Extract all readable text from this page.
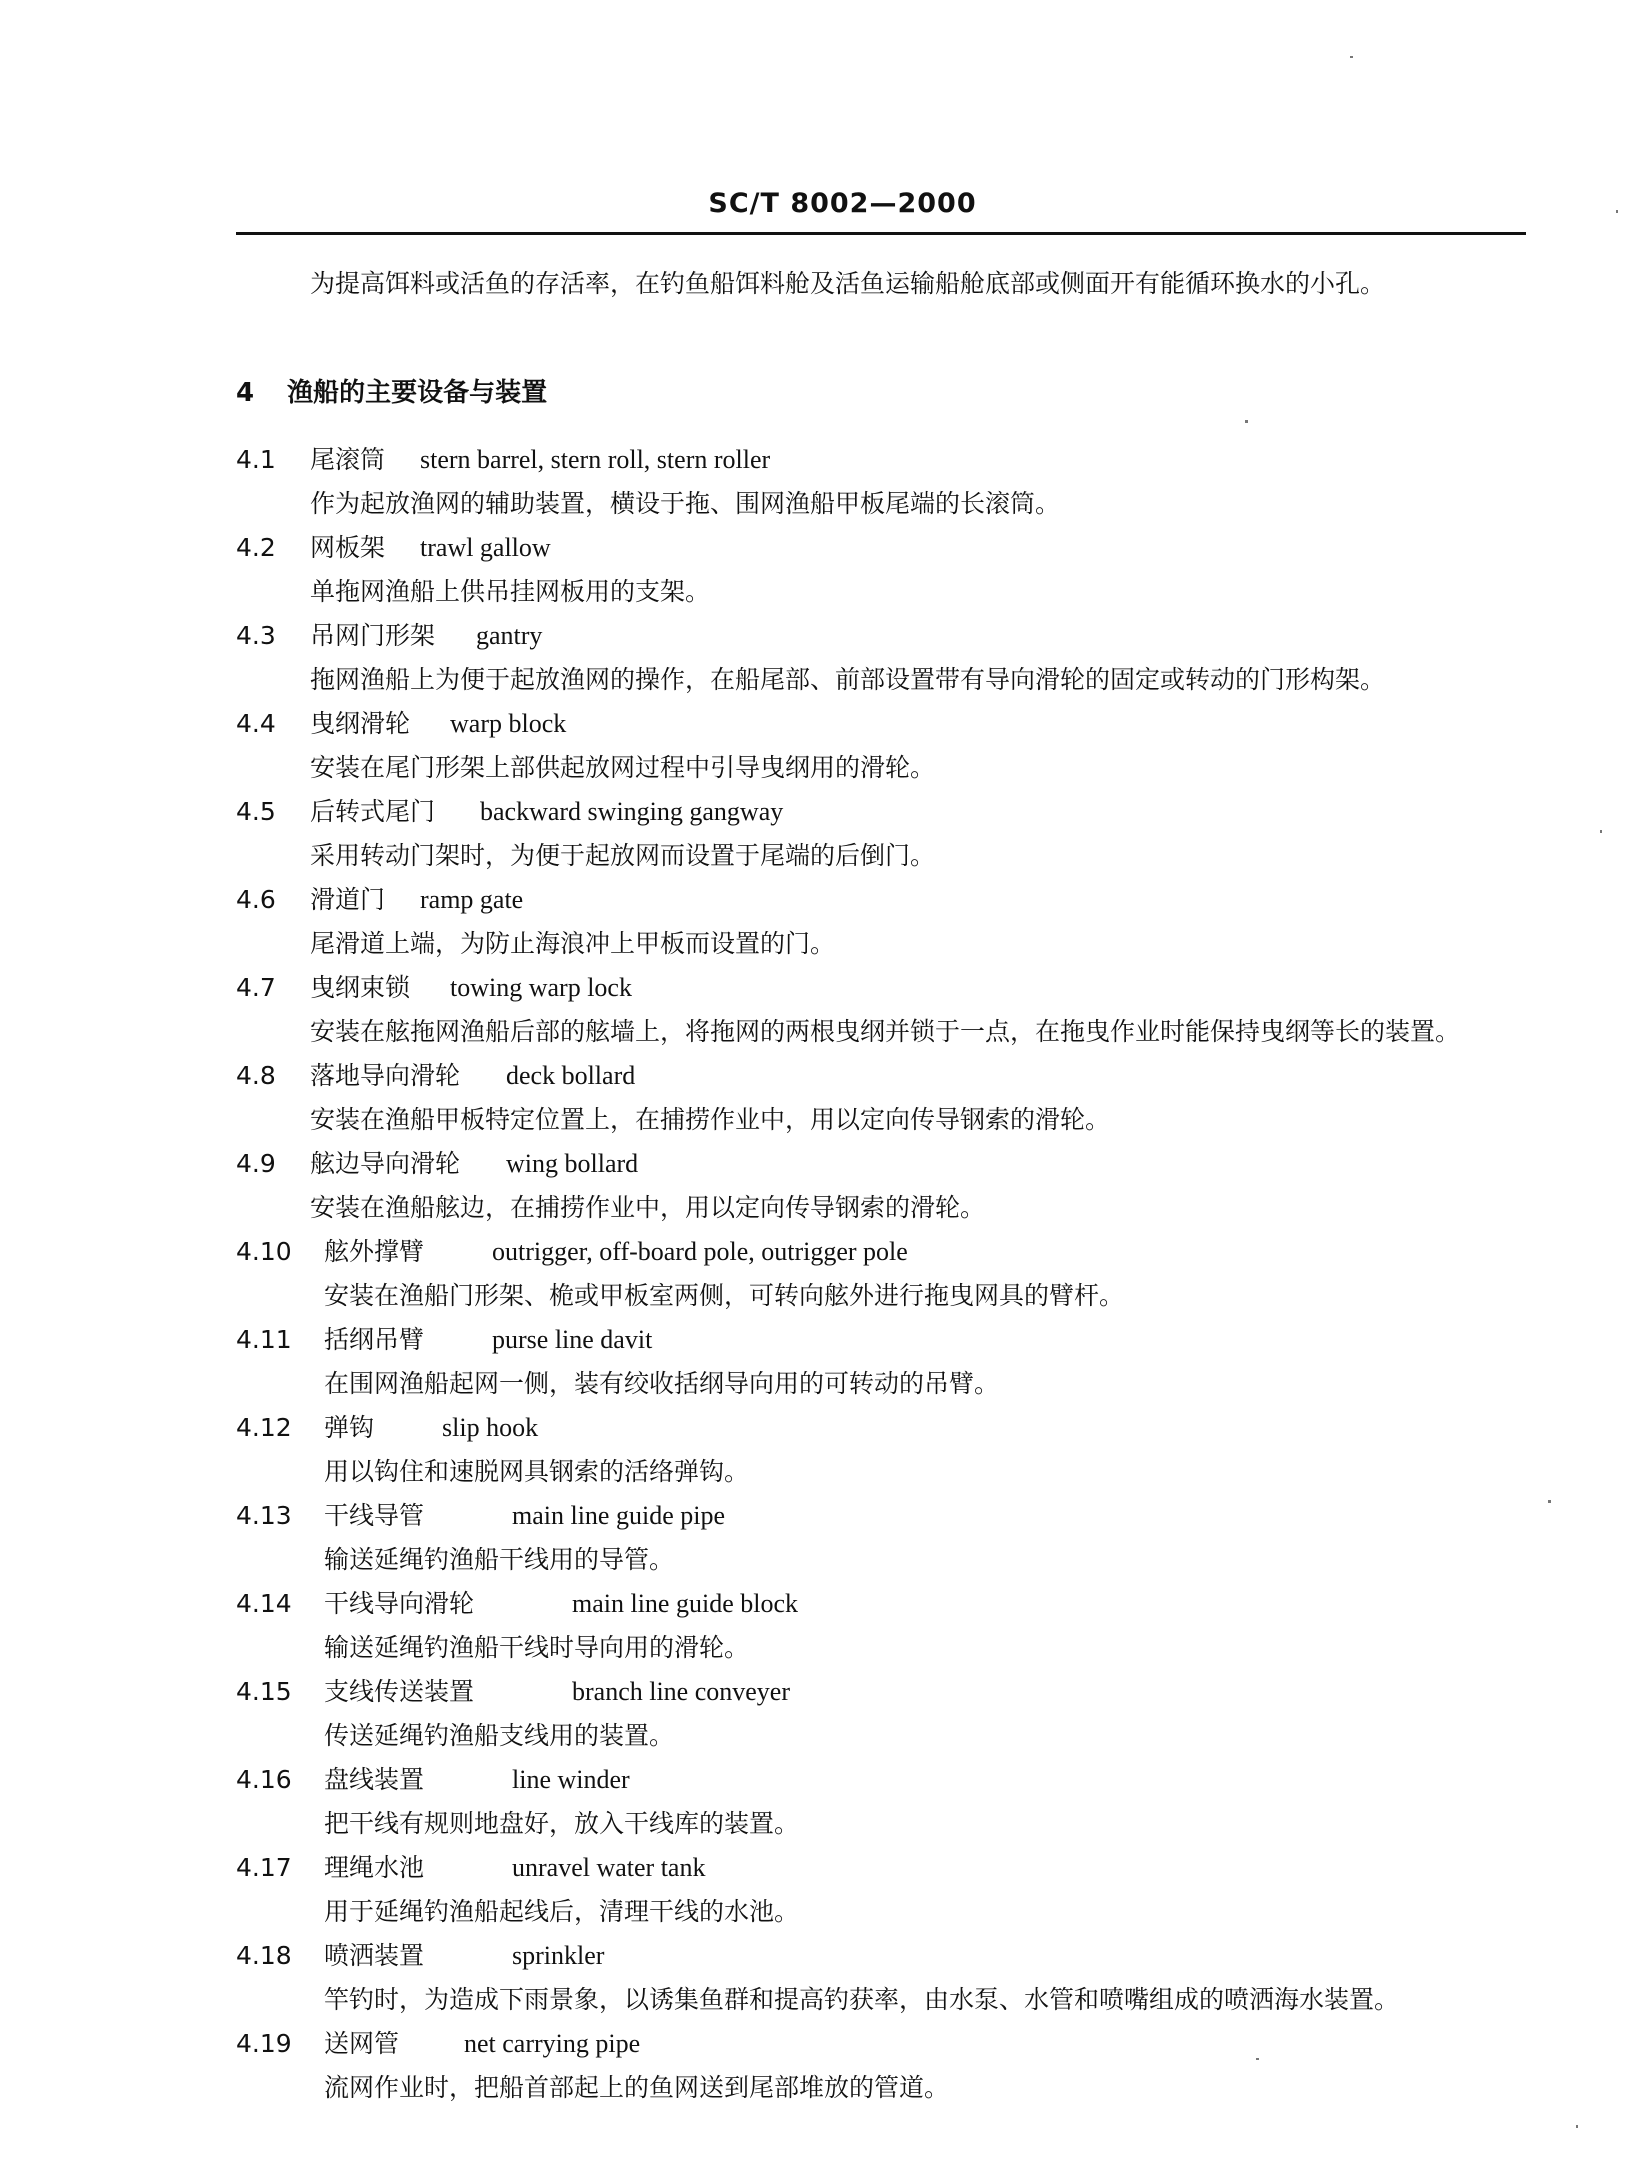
SC/T 8002—2000
为提高饵料或活鱼的存活率，在钓鱼船饵料舱及活鱼运输船舱底部或侧面开有能循环换水的小孔。
4 渔船的主要设备与装置
4.1 尾滚筒 stern barrel, stern roll, stern roller
作为起放渔网的辅助装置，横设于拖、围网渔船甲板尾端的长滚筒。
4.2 网板架 trawl gallow
单拖网渔船上供吊挂网板用的支架。
4.3 吊网门形架 gantry
拖网渔船上为便于起放渔网的操作，在船尾部、前部设置带有导向滑轮的固定或转动的门形构架。
4.4 曳纲滑轮 warp block
安装在尾门形架上部供起放网过程中引导曳纲用的滑轮。
4.5 后转式尾门 backward swinging gangway
采用转动门架时，为便于起放网而设置于尾端的后倒门。
4.6 滑道门 ramp gate
尾滑道上端，为防止海浪冲上甲板而设置的门。
4.7 曳纲束锁 towing warp lock
安装在舷拖网渔船后部的舷墙上，将拖网的两根曳纲并锁于一点，在拖曳作业时能保持曳纲等长的装置。
4.8 落地导向滑轮 deck bollard
安装在渔船甲板特定位置上，在捕捞作业中，用以定向传导钢索的滑轮。
4.9 舷边导向滑轮 wing bollard
安装在渔船舷边，在捕捞作业中，用以定向传导钢索的滑轮。
4.10 舷外撑臂	outrigger, off-board pole, outrigger pole
安装在渔船门形架、桅或甲板室两侧，可转向舷外进行拖曳网具的臂杆。
4.11 括纲吊臂	purse line davit
在围网渔船起网一侧，装有绞收括纲导向用的可转动的吊臂。
4.12 弹钩	slip hook
用以钩住和速脱网具钢索的活络弹钩。
4.13 干线导管	main line guide pipe
输送延绳钓渔船干线用的导管。
4.14 干线导向滑轮	main line guide block
输送延绳钓渔船干线时导向用的滑轮。
4.15 支线传送装置	branch line conveyer
传送延绳钓渔船支线用的装置。
4.16 盘线装置	line winder
把干线有规则地盘好，放入干线库的装置。
4.17 理绳水池	unravel water tank
用于延绳钓渔船起线后，清理干线的水池。
4.18 喷洒装置	sprinkler
竿钓时，为造成下雨景象，以诱集鱼群和提高钓获率，由水泵、水管和喷嘴组成的喷洒海水装置。
4.19 送网管 net carrying pipe
流网作业时，把船首部起上的鱼网送到尾部堆放的管道。
